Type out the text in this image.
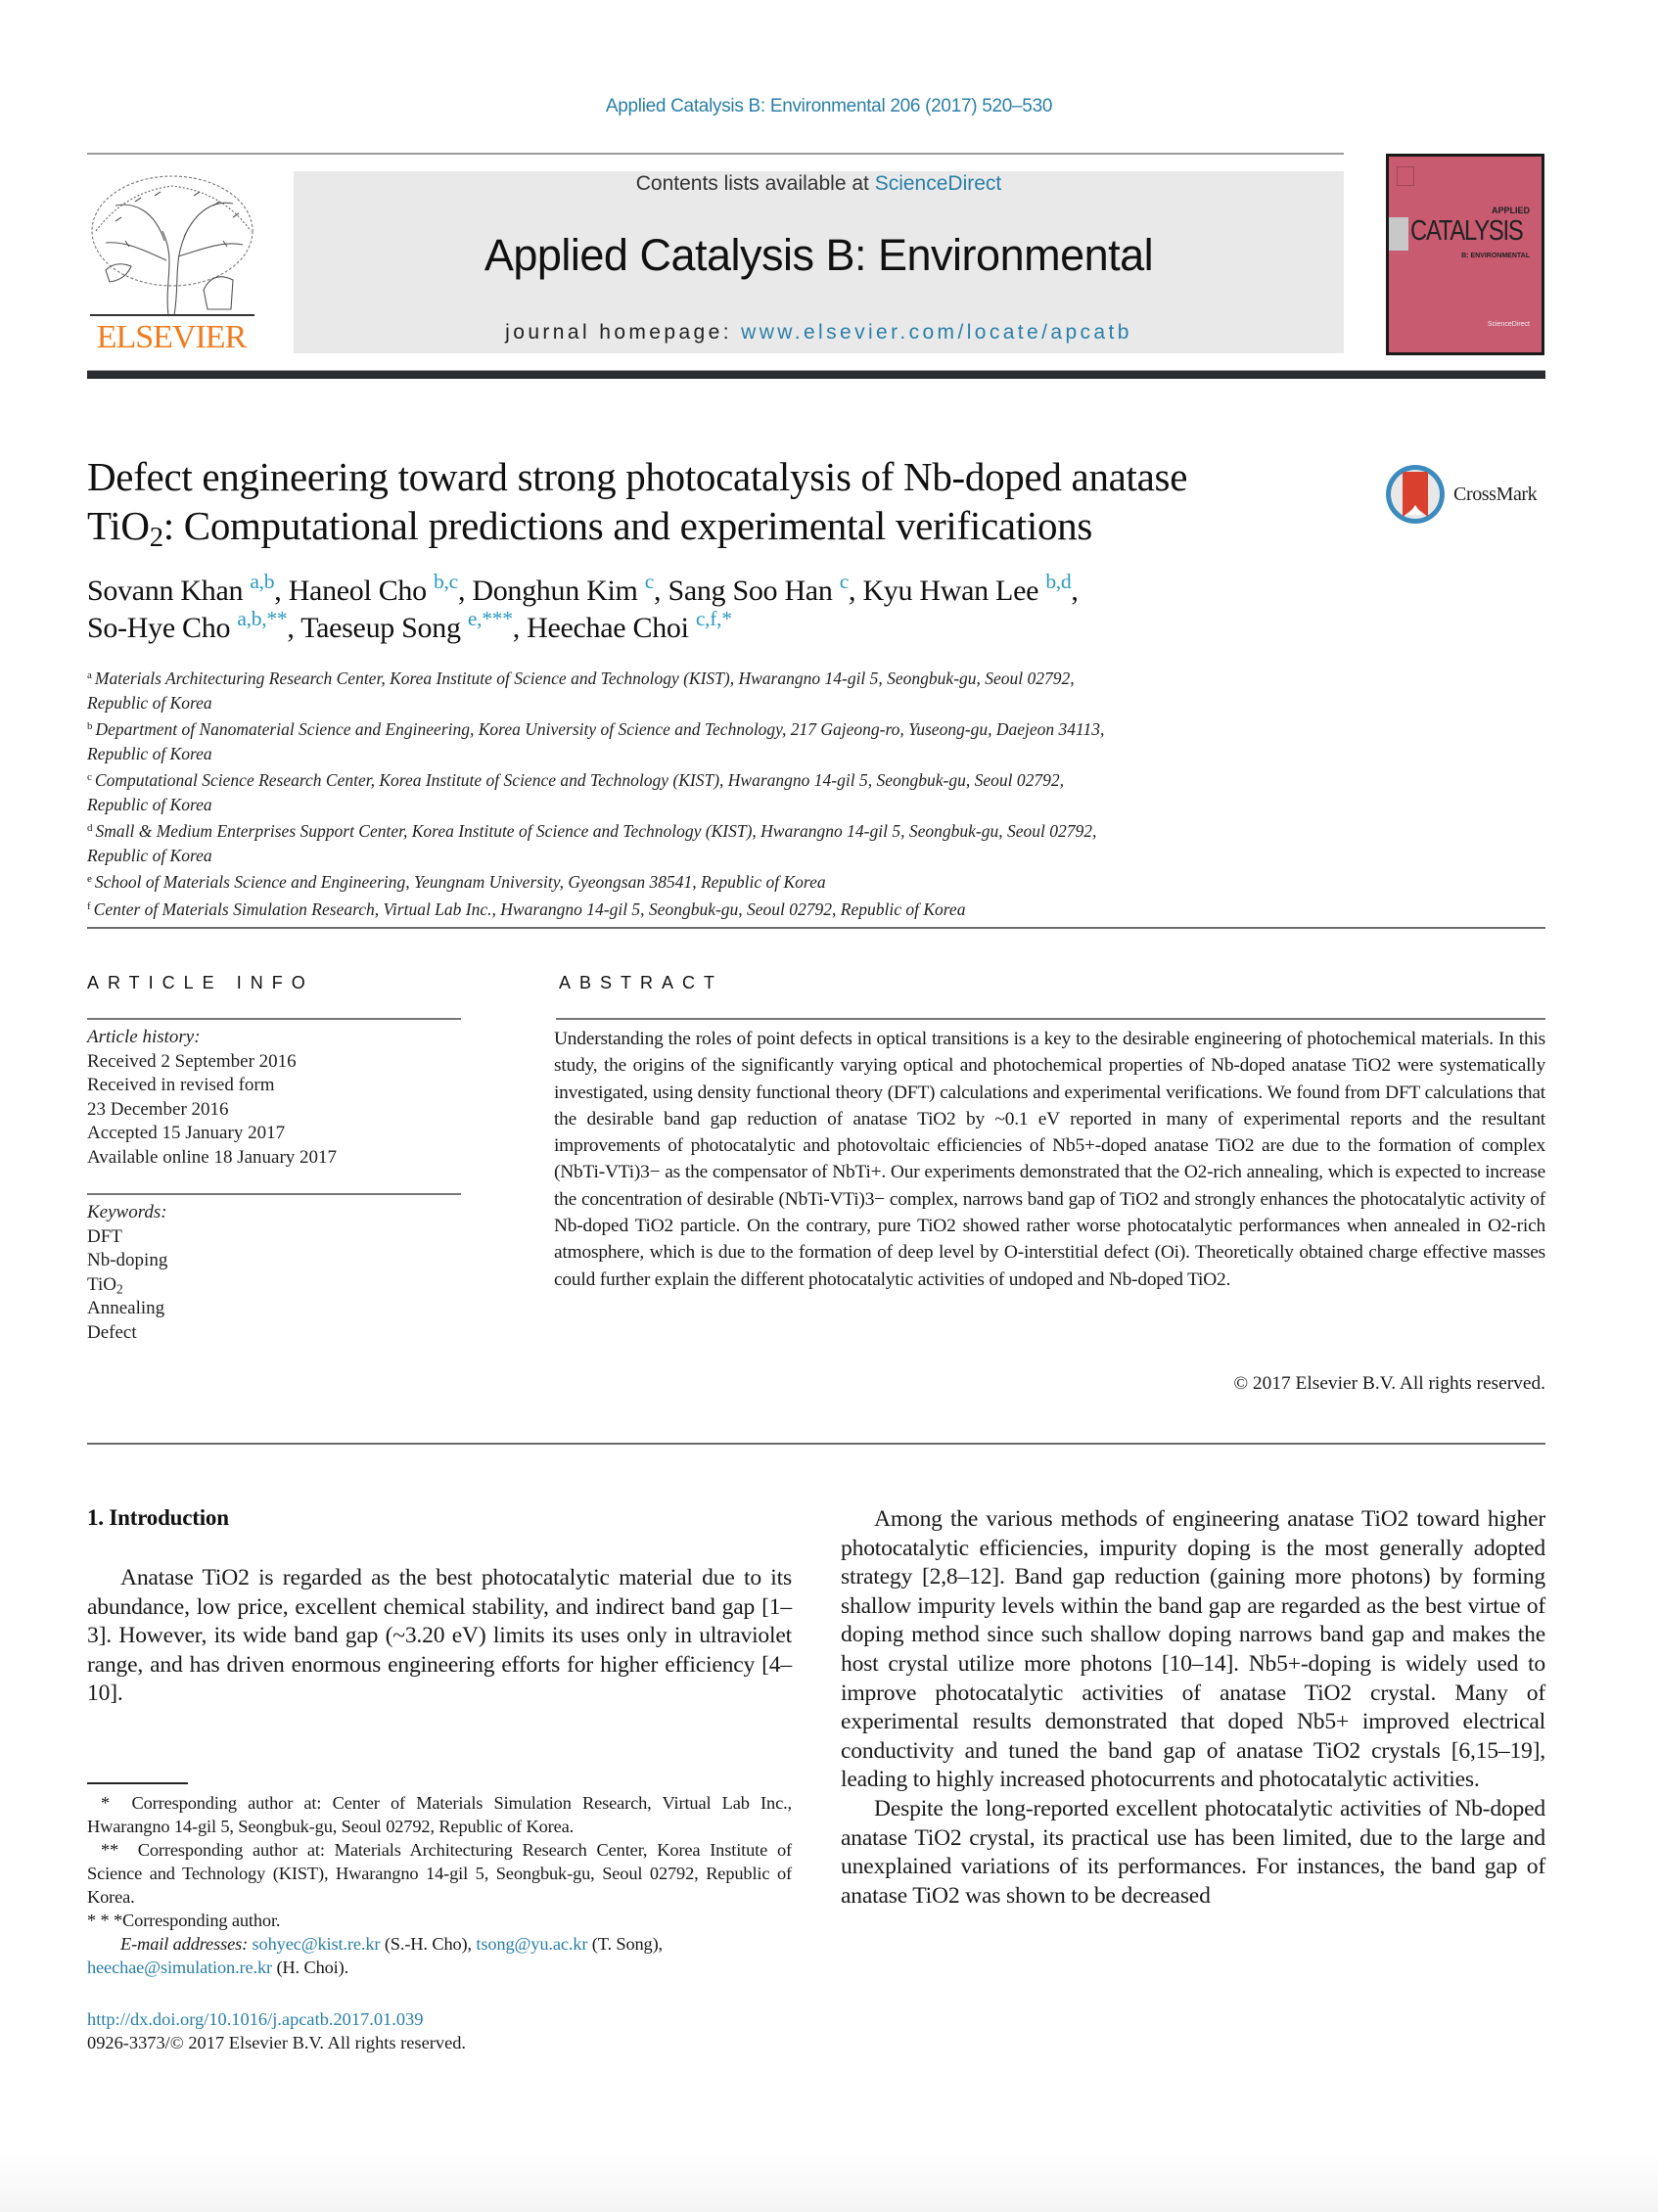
Applied Catalysis B: Environmental 206 (2017) 520–530
ELSEVIER
Contents lists available at ScienceDirect
Applied Catalysis B: Environmental
journal homepage: www.elsevier.com/locate/apcatb
APPLIED
CATALYSIS
B: ENVIRONMENTAL
ScienceDirect
Defect engineering toward strong photocatalysis of Nb-doped anatase
TiO$_2$: Computational predictions and experimental verifications
CrossMark
Sovann Khan $^{a,b}$, Haneol Cho $^{b,c}$, Donghun Kim $^c$, Sang Soo Han $^c$, Kyu Hwan Lee $^{b,d}$,
So-Hye Cho $^{a,b,**}$, Taeseup Song $^{e,***}$, Heechae Choi $^{c,f,*}$
$^a$ Materials Architecturing Research Center, Korea Institute of Science and Technology (KIST), Hwarangno 14-gil 5, Seongbuk-gu, Seoul 02792,
Republic of Korea
$^b$ Department of Nanomaterial Science and Engineering, Korea University of Science and Technology, 217 Gajeong-ro, Yuseong-gu, Daejeon 34113,
Republic of Korea
$^c$ Computational Science Research Center, Korea Institute of Science and Technology (KIST), Hwarangno 14-gil 5, Seongbuk-gu, Seoul 02792,
Republic of Korea
$^d$ Small & Medium Enterprises Support Center, Korea Institute of Science and Technology (KIST), Hwarangno 14-gil 5, Seongbuk-gu, Seoul 02792,
Republic of Korea
$^e$ School of Materials Science and Engineering, Yeungnam University, Gyeongsan 38541, Republic of Korea
$^f$ Center of Materials Simulation Research, Virtual Lab Inc., Hwarangno 14-gil 5, Seongbuk-gu, Seoul 02792, Republic of Korea
ARTICLE INFO	ABSTRACT
Article history:
Received 2 September 2016
Received in revised form
23 December 2016
Accepted 15 January 2017
Available online 18 January 2017
Keywords:
DFT
Nb-doping
TiO$_2$
Annealing
Defect
Understanding the roles of point defects in optical transitions is a key to the desirable engineering of photochemical materials. In this study, the origins of the significantly varying optical and photochemical properties of Nb-doped anatase TiO2 were systematically investigated, using density functional theory (DFT) calculations and experimental verifications. We found from DFT calculations that the desirable band gap reduction of anatase TiO2 by ~0.1 eV reported in many of experimental reports and the resultant improvements of photocatalytic and photovoltaic efficiencies of Nb5+-doped anatase TiO2 are due to the formation of complex (NbTi-VTi)3− as the compensator of NbTi+. Our experiments demonstrated that the O2-rich annealing, which is expected to increase the concentration of desirable (NbTi-VTi)3− complex, narrows band gap of TiO2 and strongly enhances the photocatalytic activity of Nb-doped TiO2 particle. On the contrary, pure TiO2 showed rather worse photocatalytic performances when annealed in O2-rich atmosphere, which is due to the formation of deep level by O-interstitial defect (Oi). Theoretically obtained charge effective masses could further explain the different photocatalytic activities of undoped and Nb-doped TiO2.
© 2017 Elsevier B.V. All rights reserved.
1. Introduction

Anatase TiO2 is regarded as the best photocatalytic material due to its abundance, low price, excellent chemical stability, and indirect band gap [1–3]. However, its wide band gap (~3.20 eV) limits its uses only in ultraviolet range, and has driven enormous engineering efforts for higher efficiency [4–10].

* Corresponding author at: Center of Materials Simulation Research, Virtual Lab Inc., Hwarangno 14-gil 5, Seongbuk-gu, Seoul 02792, Republic of Korea.

** Corresponding author at: Materials Architecturing Research Center, Korea Institute of Science and Technology (KIST), Hwarangno 14-gil 5, Seongbuk-gu, Seoul 02792, Republic of Korea.

* * *Corresponding author.

E-mail addresses: sohyec@kist.re.kr (S.-H. Cho), tsong@yu.ac.kr (T. Song),

heechae@simulation.re.kr (H. Choi).

http://dx.doi.org/10.1016/j.apcatb.2017.01.039
0926-3373/© 2017 Elsevier B.V. All rights reserved.

Among the various methods of engineering anatase TiO2 toward higher photocatalytic efficiencies, impurity doping is the most generally adopted strategy [2,8–12]. Band gap reduction (gaining more photons) by forming shallow impurity levels within the band gap are regarded as the best virtue of doping method since such shallow doping narrows band gap and makes the host crystal utilize more photons [10–14]. Nb5+-doping is widely used to improve photocatalytic activities of anatase TiO2 crystal. Many of experimental results demonstrated that doped Nb5+ improved electrical conductivity and tuned the band gap of anatase TiO2 crystals [6,15–19], leading to highly increased photocurrents and photocatalytic activities.

Despite the long-reported excellent photocatalytic activities of Nb-doped anatase TiO2 crystal, its practical use has been limited, due to the large and unexplained variations of its performances. For instances, the band gap of anatase TiO2 was shown to be decreased
